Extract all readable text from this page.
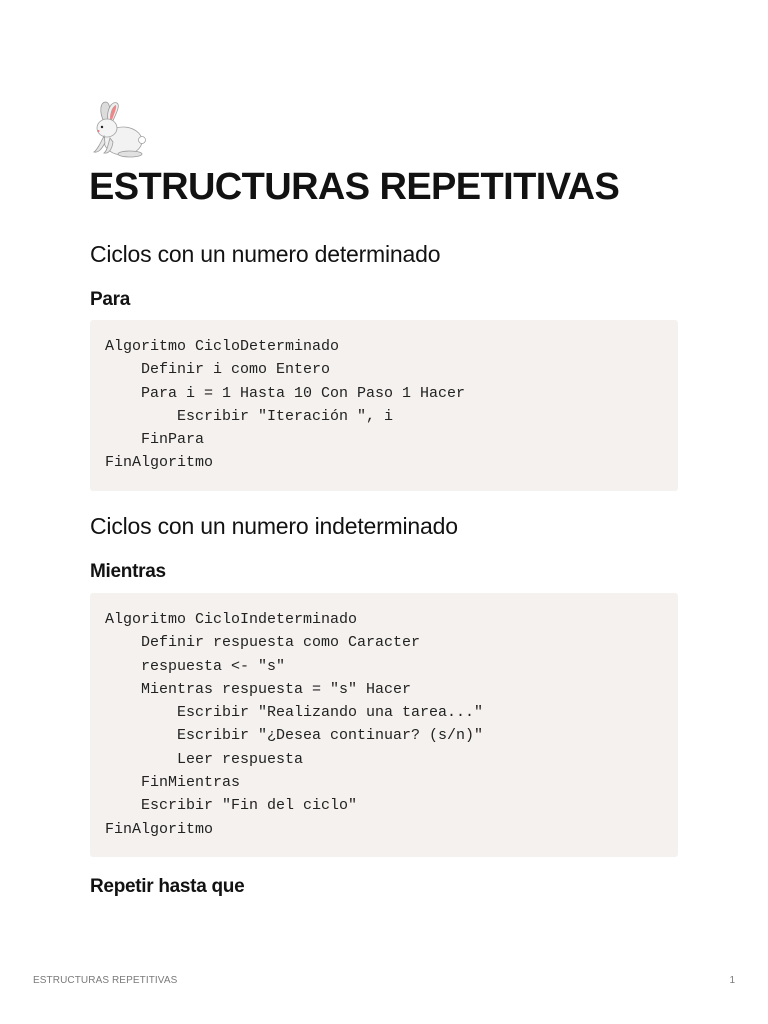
ESTRUCTURAS REPETITIVAS
Ciclos con un numero determinado
Para
Algoritmo CicloDeterminado
Definir i como Entero
Para i = 1 Hasta 10 Con Paso 1 Hacer
Escribir "Iteración ", i
FinPara
FinAlgoritmo
Ciclos con un numero indeterminado
Mientras
Algoritmo CicloIndeterminado
Definir respuesta como Caracter
respuesta <- "s"
Mientras respuesta = "s" Hacer
Escribir "Realizando una tarea..."
Escribir "¿Desea continuar? (s/n)"
Leer respuesta
FinMientras
Escribir "Fin del ciclo"
FinAlgoritmo
Repetir hasta que
ESTRUCTURAS REPETITIVAS	1
